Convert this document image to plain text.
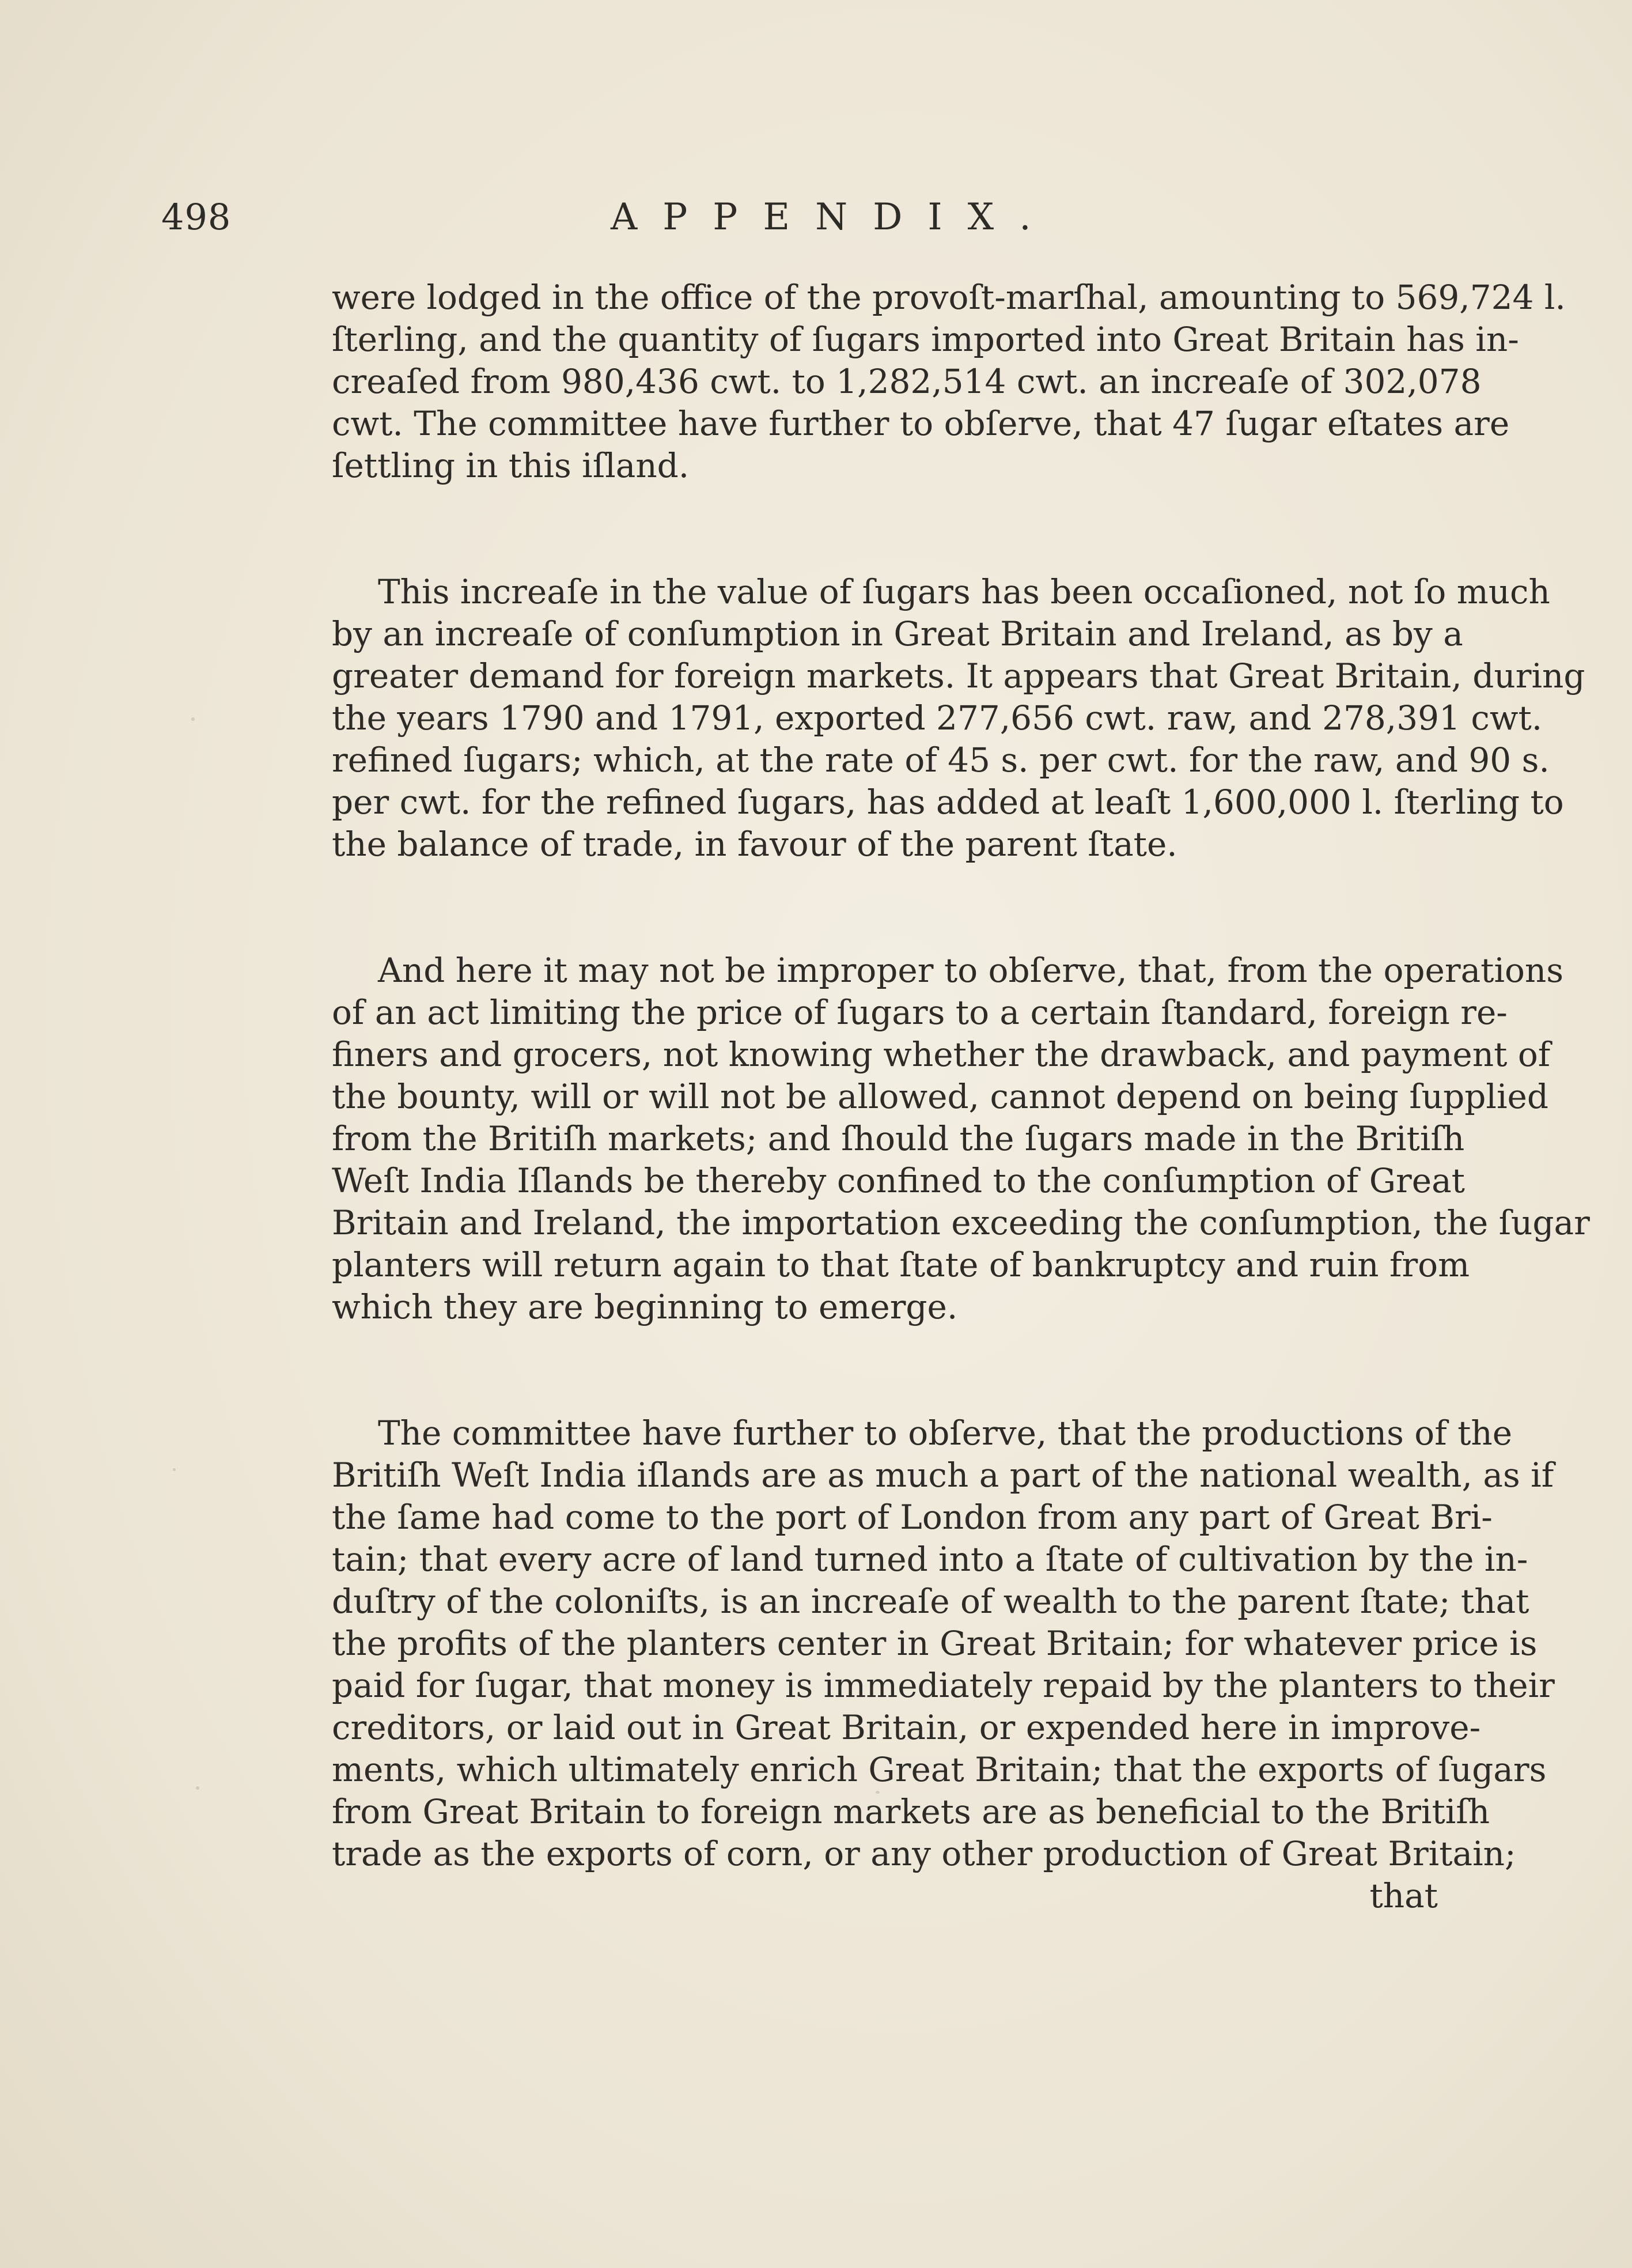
498	APPENDIX.
were lodged in the office of the provoſt-marſhal, amounting to 569,724 l.
ſterling, and the quantity of ſugars imported into Great Britain has in-
creaſed from 980,436 cwt. to 1,282,514 cwt. an increaſe of 302,078
cwt. The committee have further to obſerve, that 47 ſugar eſtates are
ſettling in this iſland.
This increaſe in the value of ſugars has been occaſioned, not ſo much
by an increaſe of conſumption in Great Britain and Ireland, as by a
greater demand for foreign markets. It appears that Great Britain, during
the years 1790 and 1791, exported 277,656 cwt. raw, and 278,391 cwt.
refined ſugars; which, at the rate of 45 s. per cwt. for the raw, and 90 s.
per cwt. for the refined ſugars, has added at leaſt 1,600,000 l. ſterling to
the balance of trade, in favour of the parent ſtate.
And here it may not be improper to obſerve, that, from the operations
of an act limiting the price of ſugars to a certain ſtandard, foreign re-
finers and grocers, not knowing whether the drawback, and payment of
the bounty, will or will not be allowed, cannot depend on being ſupplied
from the Britiſh markets; and ſhould the ſugars made in the Britiſh
Weſt India Iſlands be thereby confined to the conſumption of Great
Britain and Ireland, the importation exceeding the conſumption, the ſugar
planters will return again to that ſtate of bankruptcy and ruin from
which they are beginning to emerge.
The committee have further to obſerve, that the productions of the
Britiſh Weſt India iſlands are as much a part of the national wealth, as if
the ſame had come to the port of London from any part of Great Bri-
tain; that every acre of land turned into a ſtate of cultivation by the in-
duſtry of the coloniſts, is an increaſe of wealth to the parent ſtate; that
the profits of the planters center in Great Britain; for whatever price is
paid for ſugar, that money is immediately repaid by the planters to their
creditors, or laid out in Great Britain, or expended here in improve-
ments, which ultimately enrich Great Britain; that the exports of ſugars
from Great Britain to foreign markets are as beneficial to the Britiſh
trade as the exports of corn, or any other production of Great Britain;
that
